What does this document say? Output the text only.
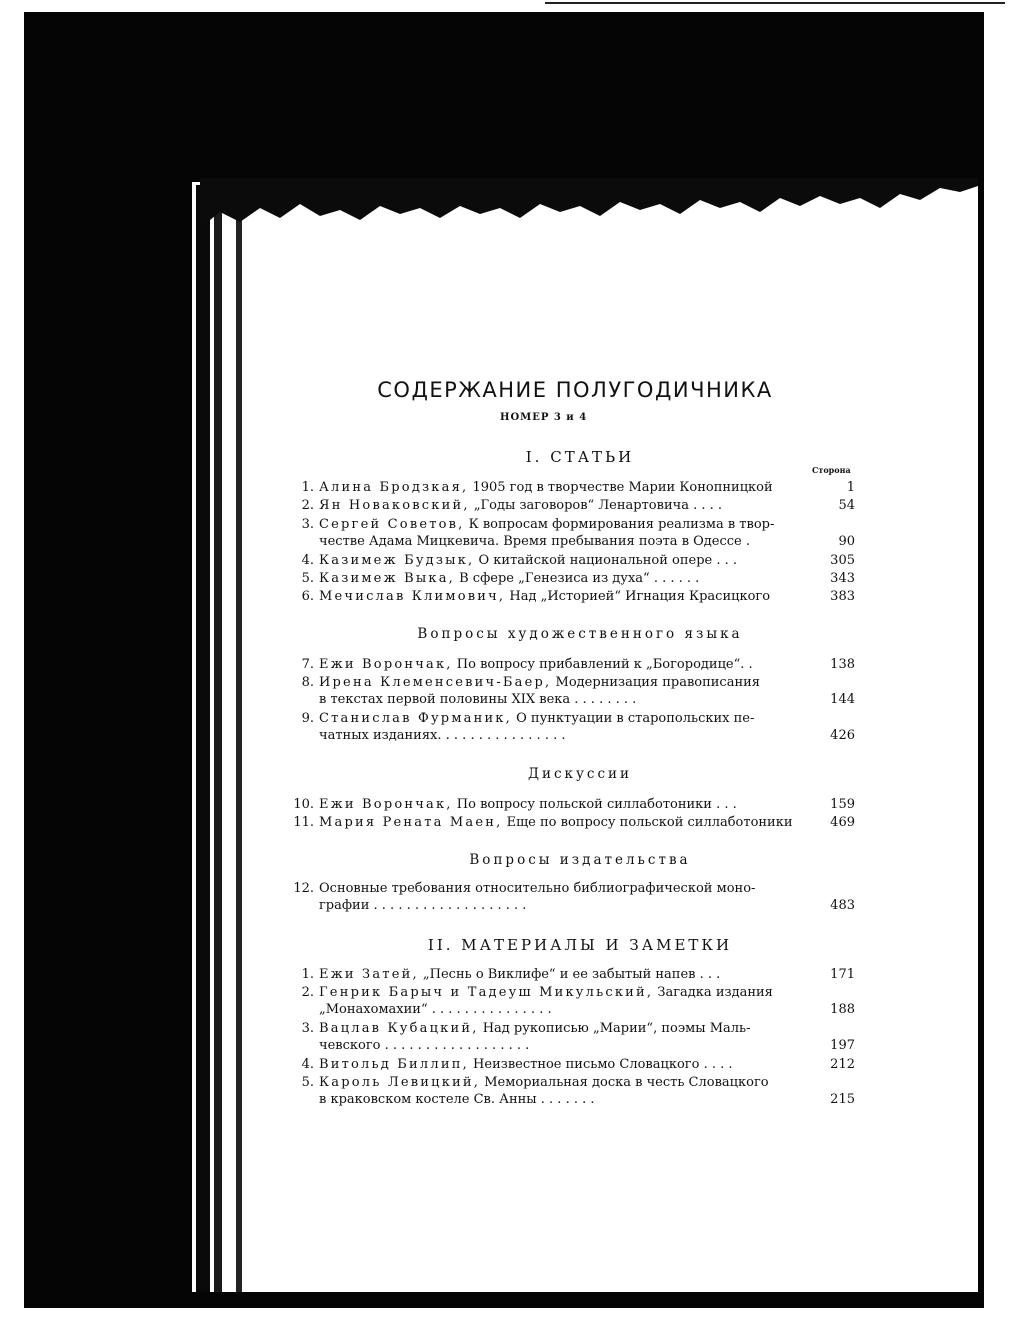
СОДЕРЖАНИЕ ПОЛУГОДИЧНИКА
НОМЕР 3 и 4
I. СТАТЬИ
Сторона
1. Алина Бродзкая, 1905 год в творчестве Марии Конопницкой	1
2. Ян Новаковский, „Годы заговоров“ Ленартовича . . . .	54
3. Сергей Советов, К вопросам формирования реализма в твор-
честве Адама Мицкевича. Время пребывания поэта в Одессе .	90
4. Казимеж Будзык, О китайской национальной опере . . .	305
5. Казимеж Выка, В сфере „Генезиса из духа“ . . . . . .	343
6. Мечислав Климович, Над „Историей“ Игнация Красицкого	383
Вопросы художественного языка
7. Ежи Ворончак, По вопросу прибавлений к „Богородице“. .	138
8. Ирена Клеменсевич-Баер, Модернизация правописания
в текстах первой половины XIX века . . . . . . . .	144
9. Станислав Фурманик, О пунктуации в старопольских пе-
чатных изданиях. . . . . . . . . . . . . . . .	426
Дискуссии
10. Ежи Ворончак, По вопросу польской силлаботоники . . .	159
11. Мария Рената Маен, Еще по вопросу польской силлаботоники	469
Вопросы издательства
12. Основные требования относительно библиографической моно-
графии . . . . . . . . . . . . . . . . . . .	483
II. МАТЕРИАЛЫ И ЗАМЕТКИ
1. Ежи Затей, „Песнь о Виклифе“ и ее забытый напев . . .	171
2. Генрик Барыч и Тадеуш Микульский, Загадка издания
„Монахомахии“ . . . . . . . . . . . . . . .	188
3. Вацлав Кубацкий, Над рукописью „Марии“, поэмы Маль-
чевского . . . . . . . . . . . . . . . . . .	197
4. Витольд Биллип, Неизвестное письмо Словацкого . . . .	212
5. Кароль Левицкий, Мемориальная доска в честь Словацкого
в краковском костеле Св. Анны . . . . . . .	215
